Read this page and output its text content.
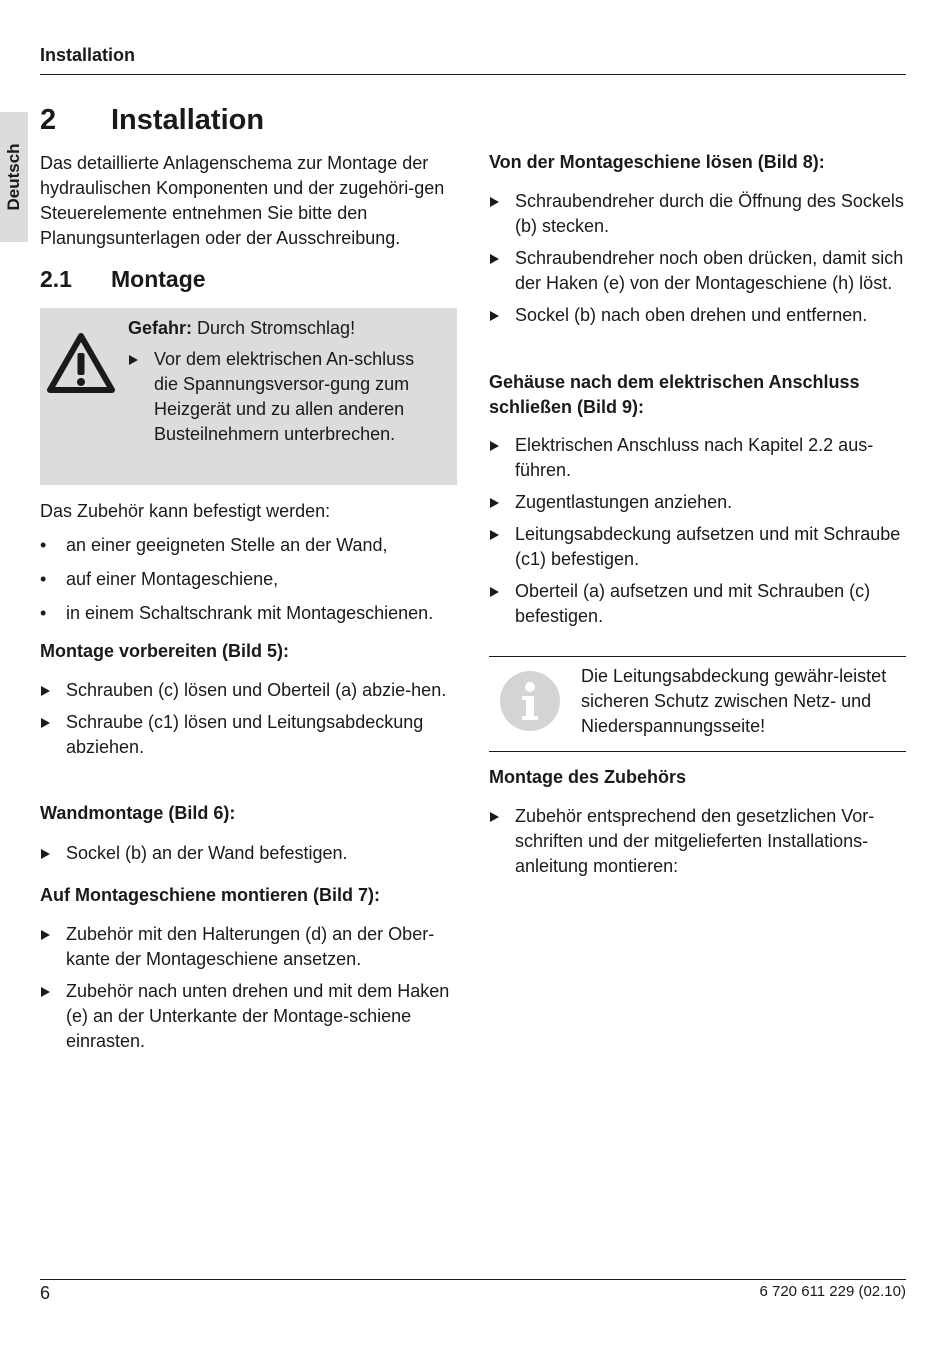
Installation
Deutsch
2	Installation

Das detaillierte Anlagenschema zur Montage der hydraulischen Komponenten und der zugehöri-gen Steuerelemente entnehmen Sie bitte den Planungsunterlagen oder der Ausschreibung.

2.1	Montage

Gefahr: Durch Stromschlag!

Vor dem elektrischen An-schluss die Spannungsversor-gung zum Heizgerät und zu allen anderen Busteilnehmern unterbrechen.

Das Zubehör kann befestigt werden:

• an einer geeigneten Stelle an der Wand,
• auf einer Montageschiene,
• in einem Schaltschrank mit Montageschienen.
Montage vorbereiten (Bild 5):
Schrauben (c) lösen und Oberteil (a) abzie-hen.
Schraube (c1) lösen und Leitungsabdeckung abziehen.
Wandmontage (Bild 6):
Sockel (b) an der Wand befestigen.
Auf Montageschiene montieren (Bild 7):
Zubehör mit den Halterungen (d) an der Ober-kante der Montageschiene ansetzen.
Zubehör nach unten drehen und mit dem Haken (e) an der Unterkante der Montage-schiene einrasten.
Von der Montageschiene lösen (Bild 8):
Schraubendreher durch die Öffnung des Sockels (b) stecken.
Schraubendreher noch oben drücken, damit sich der Haken (e) von der Montageschiene (h) löst.
Sockel (b) nach oben drehen und entfernen.
Gehäuse nach dem elektrischen Anschluss schließen (Bild 9):
Elektrischen Anschluss nach Kapitel 2.2 aus-führen.
Zugentlastungen anziehen.
Leitungsabdeckung aufsetzen und mit Schraube (c1) befestigen.
Oberteil (a) aufsetzen und mit Schrauben (c) befestigen.

Die Leitungsabdeckung gewähr-leistet sicheren Schutz zwischen Netz- und Niederspannungsseite!

Montage des Zubehörs
Zubehör entsprechend den gesetzlichen Vor-schriften und der mitgelieferten Installations-anleitung montieren:
6	6 720 611 229 (02.10)
